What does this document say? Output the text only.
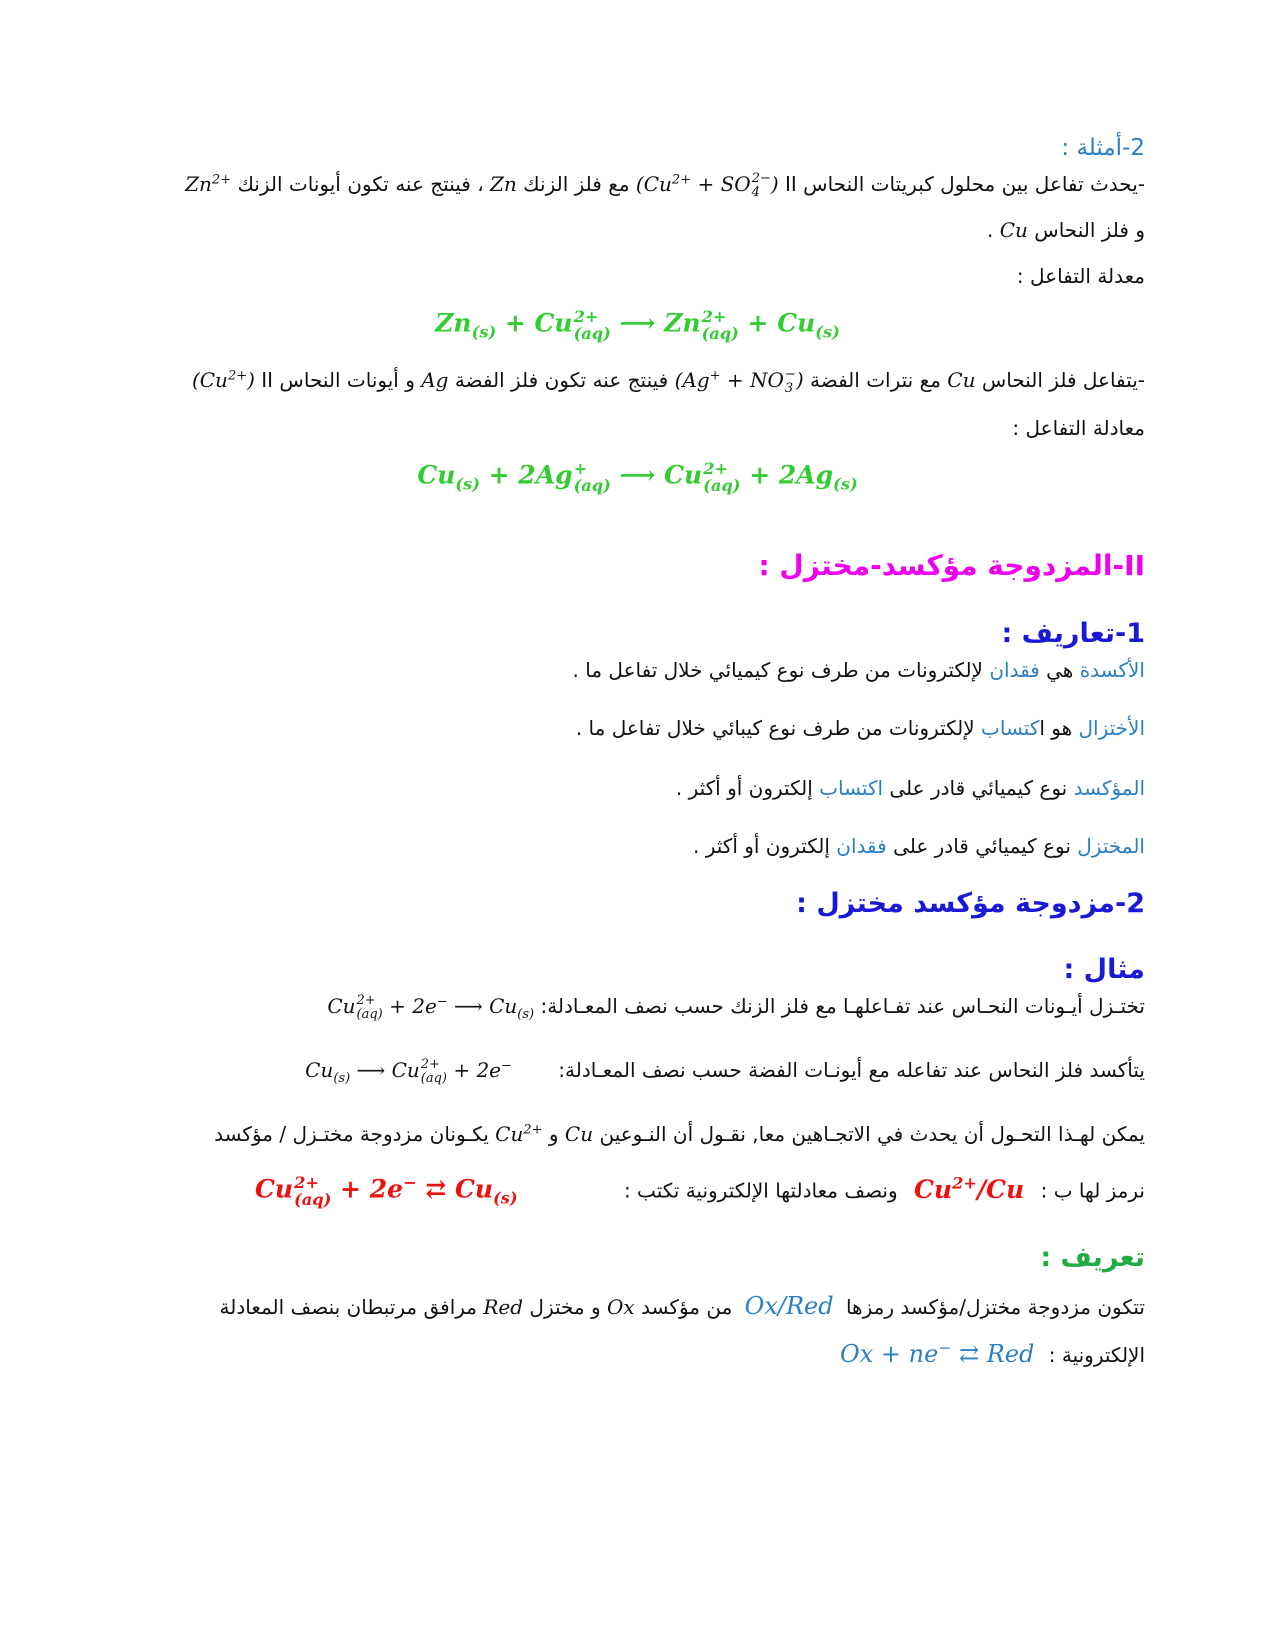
2-أمثلة :
-يحدث تفاعل بين محلول كبريتات النحاس II ($Cu^{2+}$ + SO 2−
4 ) مع فلز الزنك Zn ، فينتج عنه تكون أيونات الزنك $Zn^{2+}$
و فلز النحاس Cu .
معدلة التفاعل :
$Zn_{(s)} + Cu$ 2+
(aq) ⟶ Zn 2+
$(aq) + Cu_{(s)}$
-يتفاعل فلز النحاس Cu مع نترات الفضة (Ag+ + NO −
3 ) فينتج عنه تكون فلز الفضة Ag و أيونات النحاس II $(Cu^{2+})$
معادلة التفاعل :
$Cu_{(s)} + 2Ag$ +
(aq) ⟶ Cu 2+
$(aq) + 2Ag_{(s)}$
II-المزدوجة مؤكسد-مختزل :
1-تعاريف :
الأكسدة هي فقدان لإلكترونات من طرف نوع كيميائي خلال تفاعل ما .
الأختزال هو اكتساب لإلكترونات من طرف نوع كيبائي خلال تفاعل ما .
المؤكسد نوع كيميائي قادر على اكتساب إلكترون أو أكثر .
المختزل نوع كيميائي قادر على فقدان إلكترون أو أكثر .
2-مزدوجة مؤكسد مختزل :
مثال :
تختـزل أيـونات النحـاس عند تفـاعلهـا مع فلز الزنك حسب نصف المعـادلة: Cu 2+
(aq) + 2e− ⟶ $Cu_{(s)}$
يتأكسد فلز النحاس عند تفاعله مع أيونـات الفضة حسب نصف المعـادلة: $Cu_{(s)}$ ⟶ Cu 2+
(aq) + 2e−
يمكن لهـذا التحـول أن يحدث في الاتجـاهين معا, نقـول أن النـوعين Cu و $Cu^{2+}$ يكـونان مزدوجة مختـزل / مؤكسد
نرمز لها ب : $Cu^{2+}/Cu$ ونصف معادلتها الإلكترونية تكتب : Cu 2+
(aq) + 2e− ⇄ $Cu_{(s)}$
تعريف :
تتكون مزدوجة مختزل/مؤكسد رمزها Ox/Red من مؤكسد Ox و مختزل Red مرافق مرتبطان بنصف المعادلة
الإلكترونية : Ox + ne− ⇄ Red
